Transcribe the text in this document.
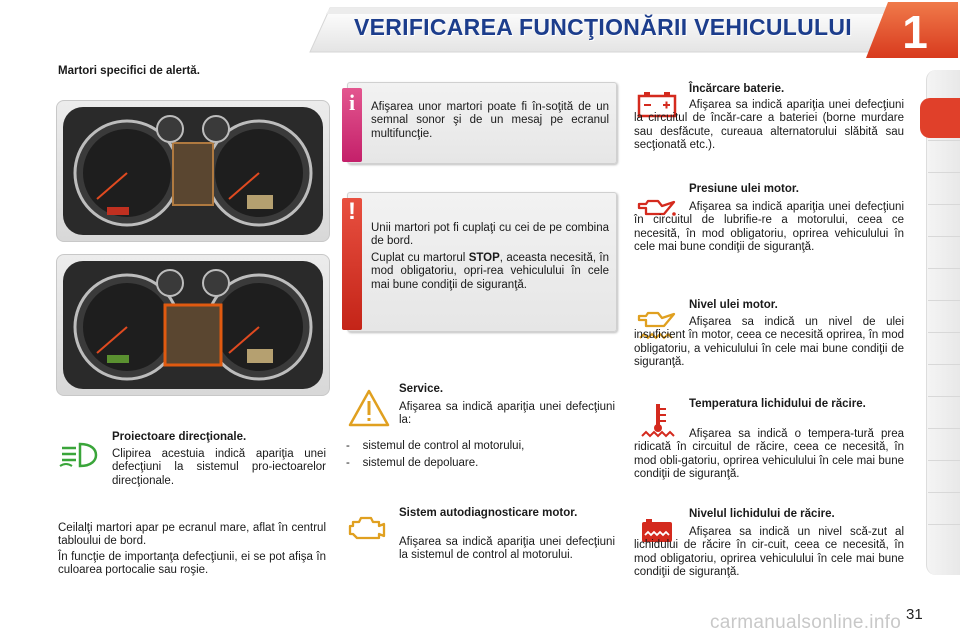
VERIFICAREA FUNCŢIONĂRII VEHICULULUI	1
Martori specifici de alertă.
i	Afişarea unor martori poate fi în-soţită de un semnal sonor şi de un mesaj pe ecranul multifuncţie.
!
Unii martori pot fi cuplaţi cu cei de pe combina de bord.
Cuplat cu martorul STOP, aceasta necesită, în mod obligatoriu, opri-rea vehiculului în cele mai bune condiţii de siguranţă.
Proiectoare direcţionale.
Clipirea acestuia indică apariţia unei defecţiuni la sistemul pro-iectoarelor direcţionale.
Ceilalţi martori apar pe ecranul mare, aflat în centrul tabloului de bord.
În funcţie de importanţa defecţiunii, ei se pot afişa în culoarea portocalie sau roşie.
Service.
Afişarea sa indică apariţia unei defecţiuni la:
-    sistemul de control al motorului,
-    sistemul de depoluare.
Sistem autodiagnosticare motor.
Afişarea sa indică apariţia unei defecţiuni la sistemul de control al motorului.
Încărcare baterie.
Afişarea sa indică apariţia unei defecţiuni la circuitul de încăr-care a bateriei (borne murdare sau desfăcute, cureaua alternatorului slăbită sau secţionată etc.).
Presiune ulei motor.
Afişarea sa indică apariţia unei defecţiuni în circuitul de lubrifie-re a motorului, ceea ce necesită, în mod obligatoriu, oprirea vehiculului în cele mai bune condiţii de siguranţă.
Nivel ulei motor.
Afişarea sa indică un nivel de ulei insuficient în motor, ceea ce necesită oprirea, în mod obligatoriu, a vehiculului în cele mai bune condiţii de siguranţă.
Temperatura lichidului de răcire.
Afişarea sa indică o tempera-tură prea ridicată în circuitul de răcire, ceea ce necesită, în mod obli-gatoriu, oprirea vehiculului în cele mai bune condiţii de siguranţă.
Nivelul lichidului de răcire.
Afişarea sa indică un nivel scă-zut al lichidului de răcire în cir-cuit, ceea ce necesită, în mod obligatoriu, oprirea vehiculului în cele mai bune condiţii de siguranţă.
31
carmanualsonline.info
